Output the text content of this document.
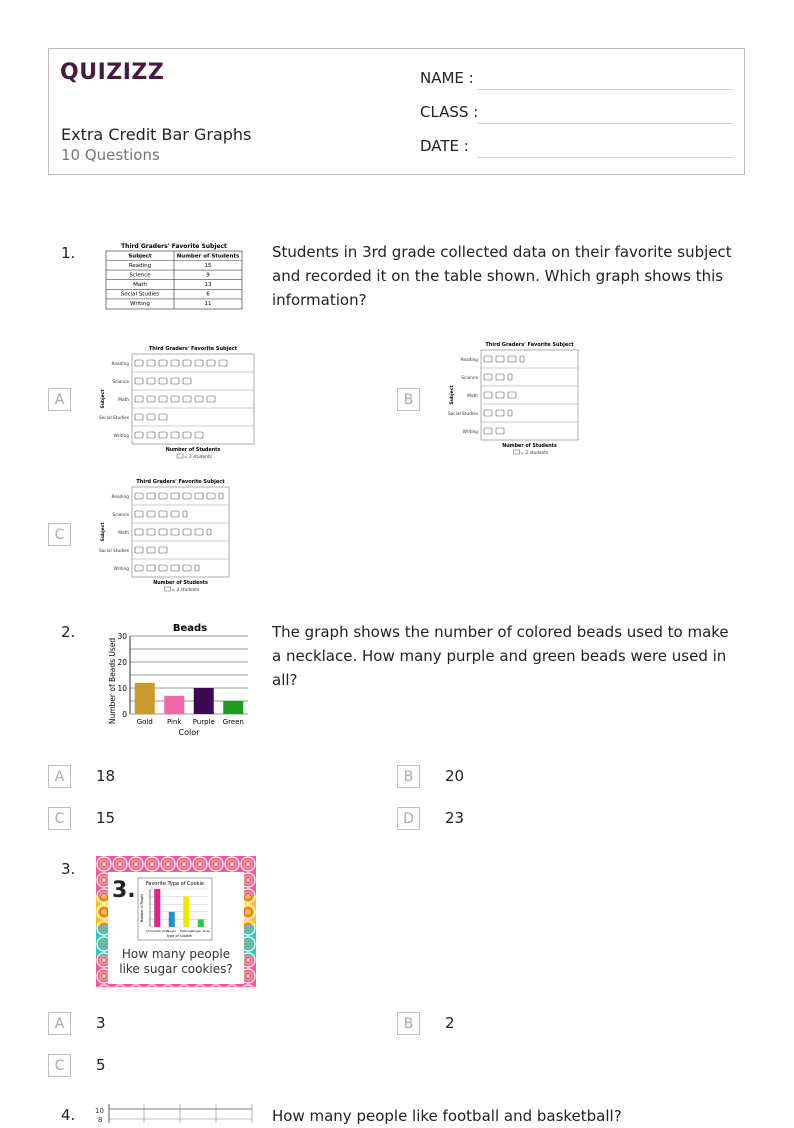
QUIZIZZ
Extra Credit Bar Graphs
10 Questions
NAME :
CLASS :
DATE :
1.	Third Graders' Favorite Subject
Subject	Number of Students
Reading	15
Science	9
Math	13
Social Studies	6
Writing	11
Students in 3rd grade collected data on their favorite subject and recorded it on the table shown. Which graph shows this information?
A
Third Graders' Favorite Subject
Subject
Reading
Science
Math
Social Studies
Writing
Number of Students
= 2 students
B
Third Graders' Favorite Subject
Subject
Reading
Science
Math
Social Studies
Writing
Number of Students
= 2 students
C
Third Graders' Favorite Subject
Subject
Reading
Science
Math
Social Studies
Writing
Number of Students
= 2 students
2.	Beads
0
10
20
30
Gold Pink Purple Green
Color
Number of Beads Used
The graph shows the number of colored beads used to make a necklace. How many purple and green beads were used in all?
A	18	B	20
C	15	D	23
3.
3. Favorite Type of Cookie
Chocolate Chip
Sugar Oatmeal
Ginger Snap
Type of Cookie
Number of People
How many people
like sugar cookies?
A	3	B	2
C	5
4.	10
8	How many people like football and basketball?
